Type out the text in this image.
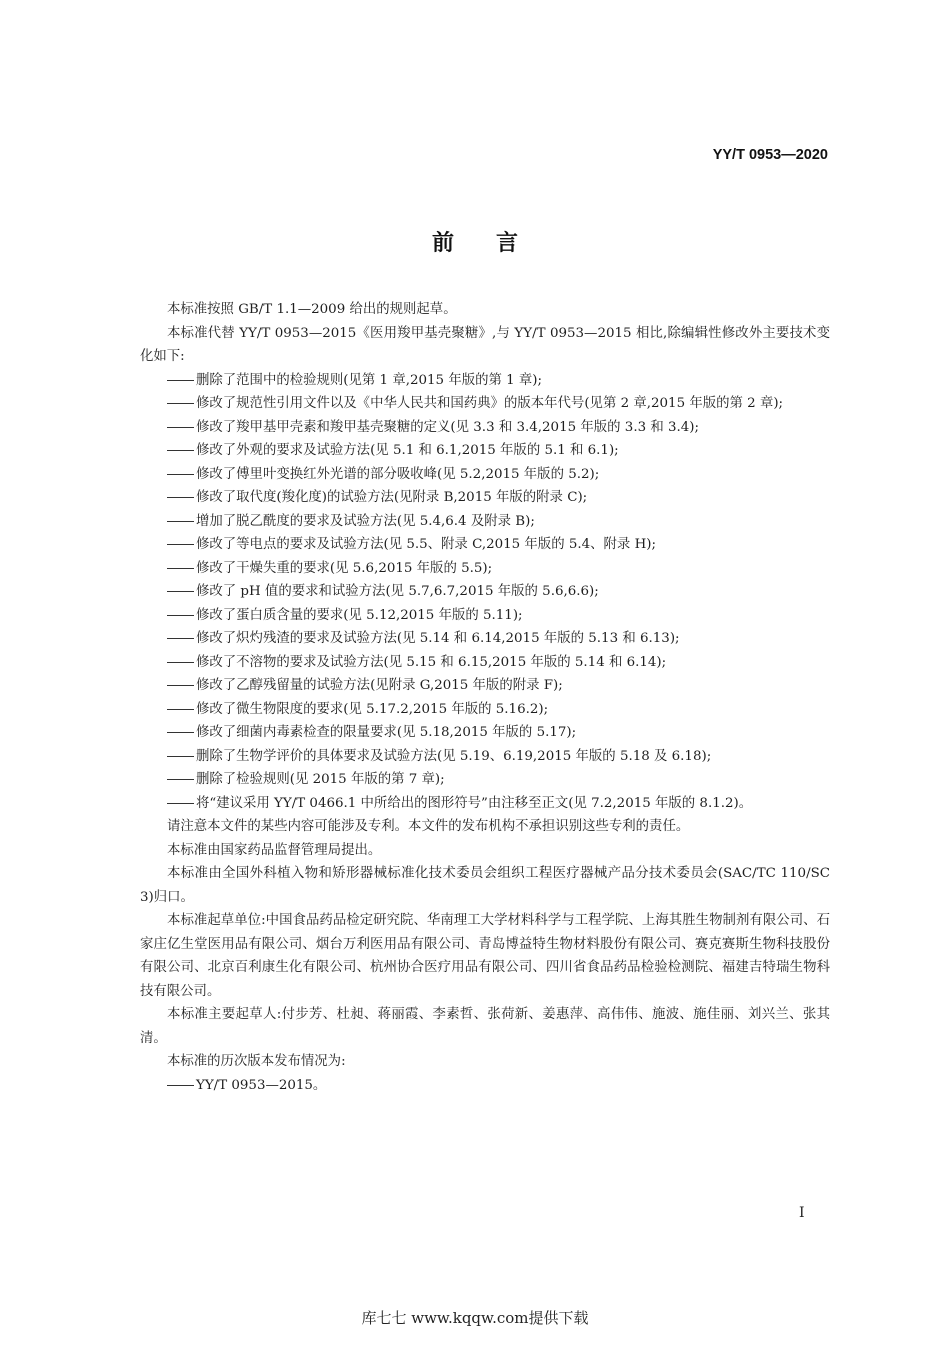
YY/T 0953—2020
前言

本标准按照 GB/T 1.1—2009 给出的规则起草。

本标准代替 YY/T 0953—2015《医用羧甲基壳聚糖》,与 YY/T 0953—2015 相比,除编辑性修改外主要技术变化如下:

删除了范围中的检验规则(见第 1 章,2015 年版的第 1 章);
修改了规范性引用文件以及《中华人民共和国药典》的版本年代号(见第 2 章,2015 年版的第 2 章);
修改了羧甲基甲壳素和羧甲基壳聚糖的定义(见 3.3 和 3.4,2015 年版的 3.3 和 3.4);
修改了外观的要求及试验方法(见 5.1 和 6.1,2015 年版的 5.1 和 6.1);
修改了傅里叶变换红外光谱的部分吸收峰(见 5.2,2015 年版的 5.2);
修改了取代度(羧化度)的试验方法(见附录 B,2015 年版的附录 C);
增加了脱乙酰度的要求及试验方法(见 5.4,6.4 及附录 B);
修改了等电点的要求及试验方法(见 5.5、附录 C,2015 年版的 5.4、附录 H);
修改了干燥失重的要求(见 5.6,2015 年版的 5.5);
修改了 pH 值的要求和试验方法(见 5.7,6.7,2015 年版的 5.6,6.6);
修改了蛋白质含量的要求(见 5.12,2015 年版的 5.11);
修改了炽灼残渣的要求及试验方法(见 5.14 和 6.14,2015 年版的 5.13 和 6.13);
修改了不溶物的要求及试验方法(见 5.15 和 6.15,2015 年版的 5.14 和 6.14);
修改了乙醇残留量的试验方法(见附录 G,2015 年版的附录 F);
修改了微生物限度的要求(见 5.17.2,2015 年版的 5.16.2);
修改了细菌内毒素检查的限量要求(见 5.18,2015 年版的 5.17);
删除了生物学评价的具体要求及试验方法(见 5.19、6.19,2015 年版的 5.18 及 6.18);
删除了检验规则(见 2015 年版的第 7 章);
将“建议采用 YY/T 0466.1 中所给出的图形符号”由注移至正文(见 7.2,2015 年版的 8.1.2)。

请注意本文件的某些内容可能涉及专利。本文件的发布机构不承担识别这些专利的责任。

本标准由国家药品监督管理局提出。

本标准由全国外科植入物和矫形器械标准化技术委员会组织工程医疗器械产品分技术委员会(SAC/TC 110/SC 3)归口。

本标准起草单位:中国食品药品检定研究院、华南理工大学材料科学与工程学院、上海其胜生物制剂有限公司、石家庄亿生堂医用品有限公司、烟台万利医用品有限公司、青岛博益特生物材料股份有限公司、赛克赛斯生物科技股份有限公司、北京百利康生化有限公司、杭州协合医疗用品有限公司、四川省食品药品检验检测院、福建吉特瑞生物科技有限公司。

本标准主要起草人:付步芳、杜昶、蒋丽霞、李素哲、张荷新、姜惠萍、高伟伟、施波、施佳丽、刘兴兰、张其清。

本标准的历次版本发布情况为:

YY/T 0953—2015。
I
库七七 www.kqqw.com提供下载
